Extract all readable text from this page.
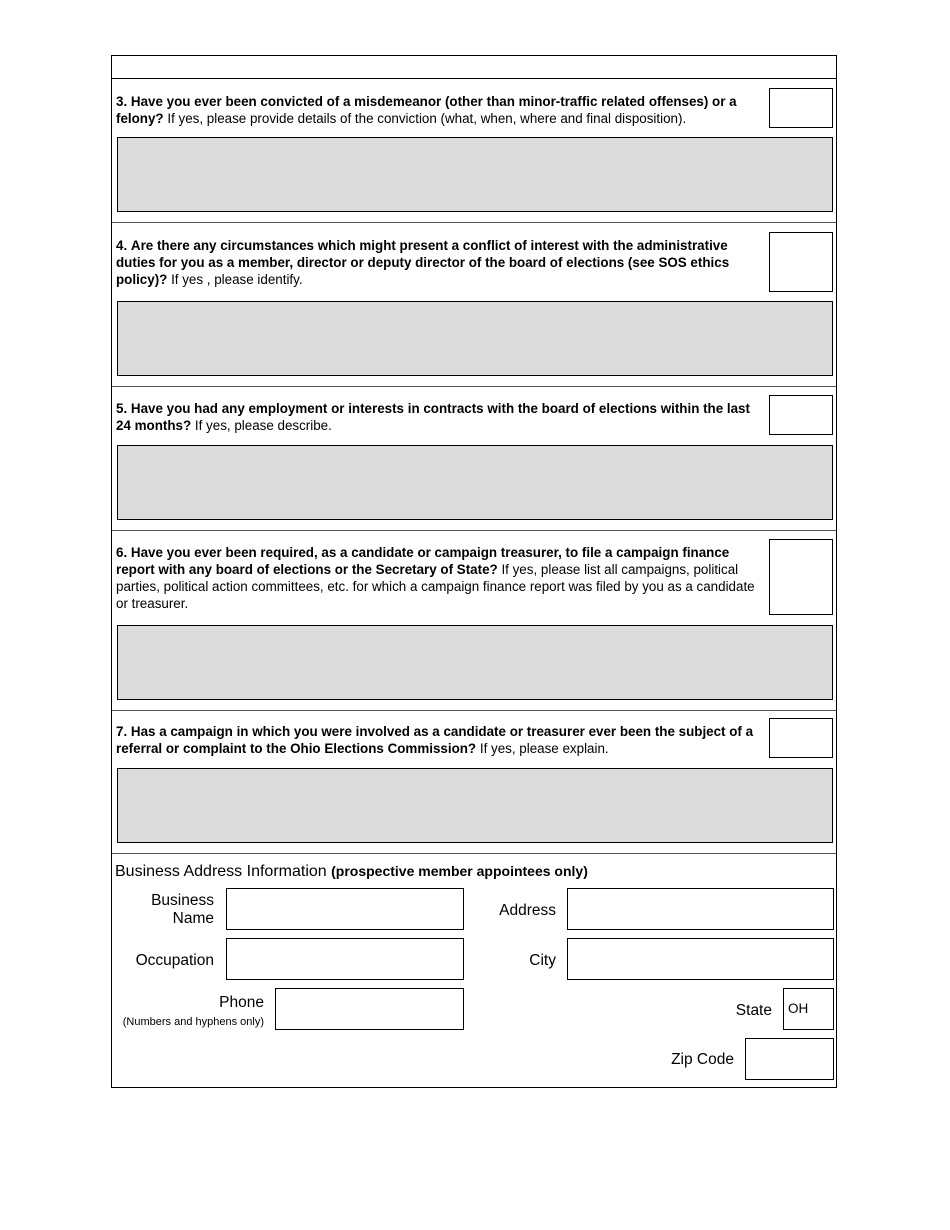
3. Have you ever been convicted of a misdemeanor (other than minor-traffic related offenses) or a felony? If yes, please provide details of the conviction (what, when, where and final disposition).

4. Are there any circumstances which might present a conflict of interest with the administrative duties for you as a member, director or deputy director of the board of elections (see SOS ethics policy)? If yes , please identify.

5. Have you had any employment or interests in contracts with the board of elections within the last 24 months? If yes, please describe.

6. Have you ever been required, as a candidate or campaign treasurer, to file a campaign finance report with any board of elections or the Secretary of State? If yes, please list all campaigns, political parties, political action committees, etc. for which a campaign finance report was filed by you as a candidate or treasurer.

7. Has a campaign in which you were involved as a candidate or treasurer ever been the subject of a referral or complaint to the Ohio Elections Commission? If yes, please explain.

Business Address Information (prospective member appointees only)

Business
Name
Occupation
Phone
(Numbers and hyphens only)
Address
City
State	OH
Zip Code
